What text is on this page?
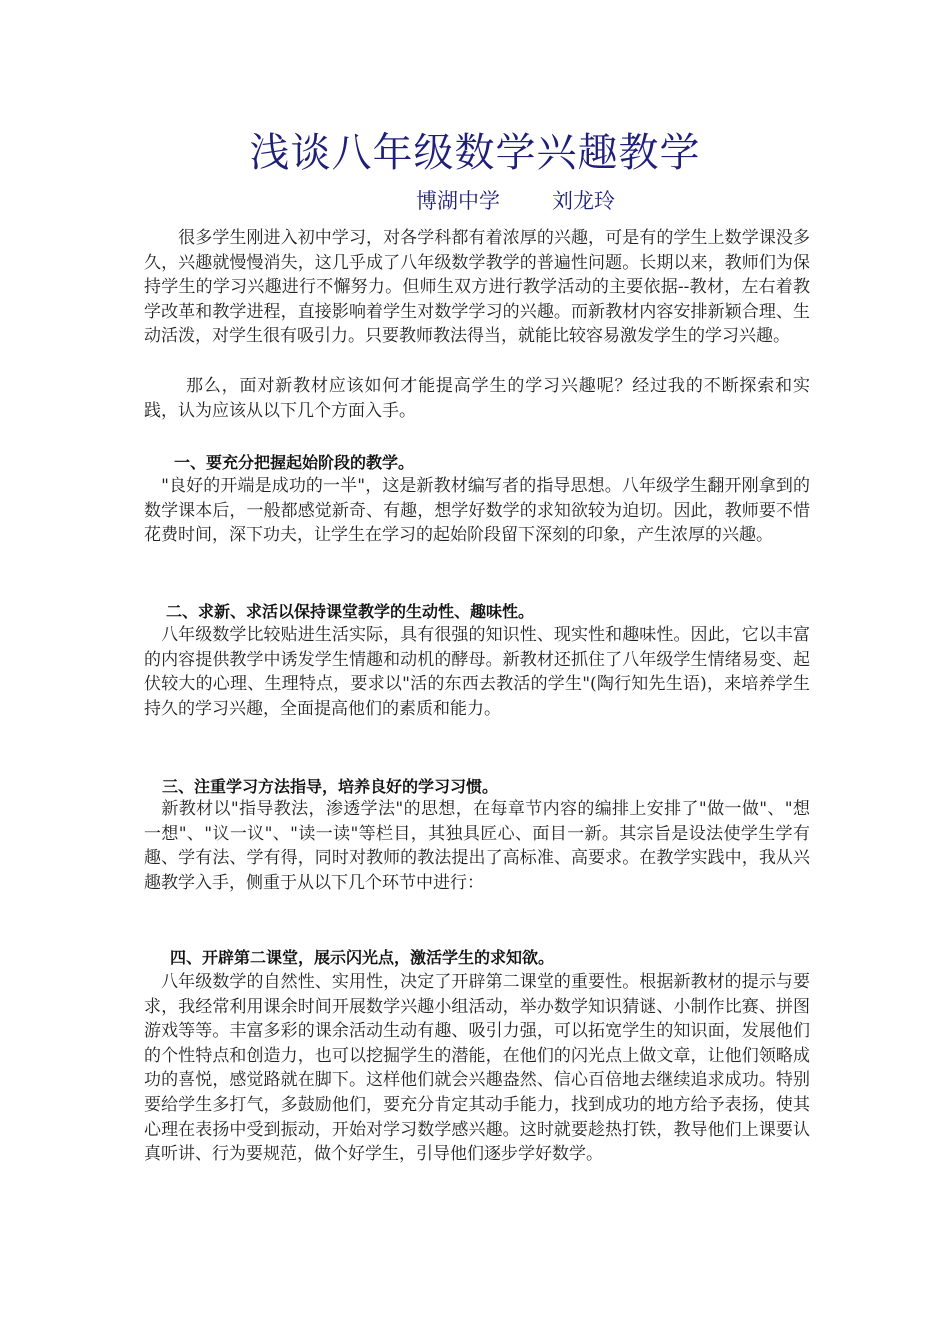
浅谈八年级数学兴趣教学
博湖中学 刘龙玲

　　很多学生刚进入初中学习，对各学科都有着浓厚的兴趣，可是有的学生上数学课没多久，兴趣就慢慢消失，这几乎成了八年级数学教学的普遍性问题。长期以来，教师们为保持学生的学习兴趣进行不懈努力。但师生双方进行教学活动的主要依据--教材，左右着教学改革和教学进程，直接影响着学生对数学学习的兴趣。而新教材内容安排新颖合理、生动活泼，对学生很有吸引力。只要教师教法得当，就能比较容易激发学生的学习兴趣。

　　 那么，面对新教材应该如何才能提高学生的学习兴趣呢？经过我的不断探索和实践，认为应该从以下几个方面入手。

一、要充分把握起始阶段的教学。

　"良好的开端是成功的一半"，这是新教材编写者的指导思想。八年级学生翻开刚拿到的数学课本后，一般都感觉新奇、有趣，想学好数学的求知欲较为迫切。因此，教师要不惜花费时间，深下功夫，让学生在学习的起始阶段留下深刻的印象，产生浓厚的兴趣。

二、求新、求活以保持课堂教学的生动性、趣味性。

　八年级数学比较贴进生活实际，具有很强的知识性、现实性和趣味性。因此，它以丰富的内容提供教学中诱发学生情趣和动机的酵母。新教材还抓住了八年级学生情绪易变、起伏较大的心理、生理特点，要求以"活的东西去教活的学生"(陶行知先生语)，来培养学生持久的学习兴趣，全面提高他们的素质和能力。

三、注重学习方法指导，培养良好的学习习惯。

　新教材以"指导教法，渗透学法"的思想，在每章节内容的编排上安排了"做一做"、"想一想"、"议一议"、"读一读"等栏目，其独具匠心、面目一新。其宗旨是设法使学生学有趣、学有法、学有得，同时对教师的教法提出了高标准、高要求。在教学实践中，我从兴趣教学入手，侧重于从以下几个环节中进行：

四、开辟第二课堂，展示闪光点，激活学生的求知欲。

　八年级数学的自然性、实用性，决定了开辟第二课堂的重要性。根据新教材的提示与要求，我经常利用课余时间开展数学兴趣小组活动，举办数学知识猜谜、小制作比赛、拼图游戏等等。丰富多彩的课余活动生动有趣、吸引力强，可以拓宽学生的知识面，发展他们的个性特点和创造力，也可以挖掘学生的潜能，在他们的闪光点上做文章，让他们领略成功的喜悦，感觉路就在脚下。这样他们就会兴趣盎然、信心百倍地去继续追求成功。特别要给学生多打气，多鼓励他们，要充分肯定其动手能力，找到成功的地方给予表扬，使其心理在表扬中受到振动，开始对学习数学感兴趣。这时就要趁热打铁，教导他们上课要认真听讲、行为要规范，做个好学生，引导他们逐步学好数学。
